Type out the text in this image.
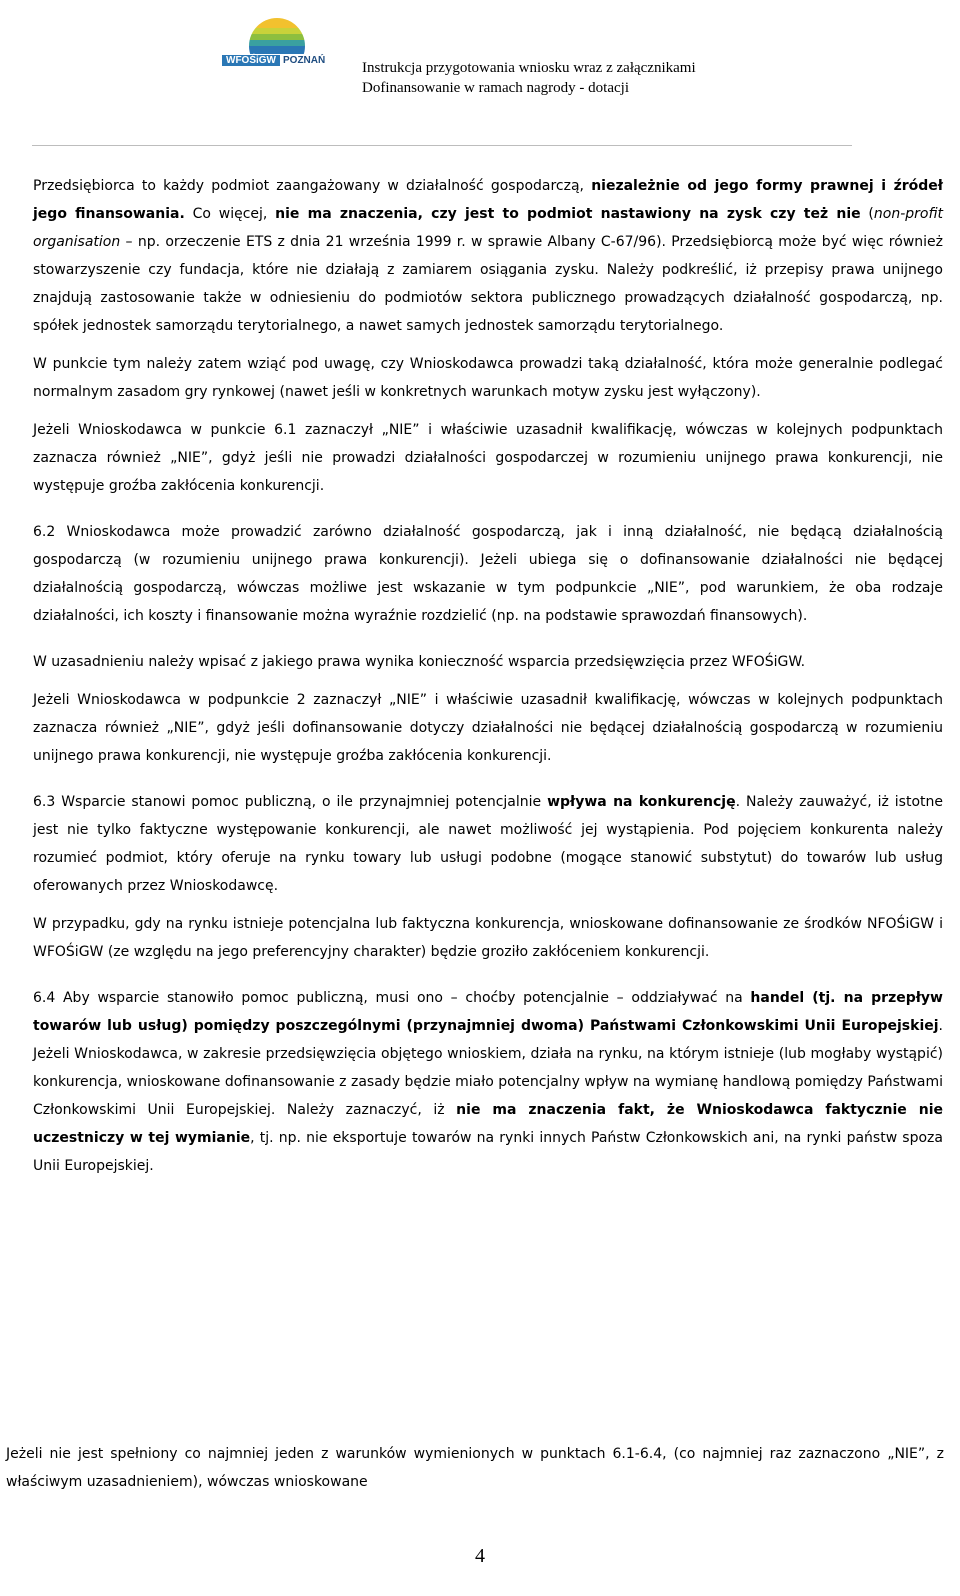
WFOŚiGW POZNAŃ	Instrukcja przygotowania wniosku wraz z załącznikami
Dofinansowanie w ramach nagrody - dotacji

Przedsiębiorca to każdy podmiot zaangażowany w działalność gospodarczą, niezależnie od jego formy prawnej i źródeł jego finansowania. Co więcej, nie ma znaczenia, czy jest to podmiot nastawiony na zysk czy też nie (non-profit organisation – np. orzeczenie ETS z dnia 21 września 1999 r. w sprawie Albany C-67/96). Przedsiębiorcą może być więc również stowarzyszenie czy fundacja, które nie działają z zamiarem osiągania zysku. Należy podkreślić, iż przepisy prawa unijnego znajdują zastosowanie także w odniesieniu do podmiotów sektora publicznego prowadzących działalność gospodarczą, np. spółek jednostek samorządu terytorialnego, a nawet samych jednostek samorządu terytorialnego.

W punkcie tym należy zatem wziąć pod uwagę, czy Wnioskodawca prowadzi taką działalność, która może generalnie podlegać normalnym zasadom gry rynkowej (nawet jeśli w konkretnych warunkach motyw zysku jest wyłączony).

Jeżeli Wnioskodawca w punkcie 6.1 zaznaczył „NIE” i właściwie uzasadnił kwalifikację, wówczas w kolejnych podpunktach zaznacza również „NIE”, gdyż jeśli nie prowadzi działalności gospodarczej w rozumieniu unijnego prawa konkurencji, nie występuje groźba zakłócenia konkurencji.

6.2 Wnioskodawca może prowadzić zarówno działalność gospodarczą, jak i inną działalność, nie będącą działalnością gospodarczą (w rozumieniu unijnego prawa konkurencji). Jeżeli ubiega się o dofinansowanie działalności nie będącej działalnością gospodarczą, wówczas możliwe jest wskazanie w tym podpunkcie „NIE”, pod warunkiem, że oba rodzaje działalności, ich koszty i finansowanie można wyraźnie rozdzielić (np. na podstawie sprawozdań finansowych).

W uzasadnieniu należy wpisać z jakiego prawa wynika konieczność wsparcia przedsięwzięcia przez WFOŚiGW.

Jeżeli Wnioskodawca w podpunkcie 2 zaznaczył „NIE” i właściwie uzasadnił kwalifikację, wówczas w kolejnych podpunktach zaznacza również „NIE”, gdyż jeśli dofinansowanie dotyczy działalności nie będącej działalnością gospodarczą w rozumieniu unijnego prawa konkurencji, nie występuje groźba zakłócenia konkurencji.

6.3 Wsparcie stanowi pomoc publiczną, o ile przynajmniej potencjalnie wpływa na konkurencję. Należy zauważyć, iż istotne jest nie tylko faktyczne występowanie konkurencji, ale nawet możliwość jej wystąpienia. Pod pojęciem konkurenta należy rozumieć podmiot, który oferuje na rynku towary lub usługi podobne (mogące stanowić substytut) do towarów lub usług oferowanych przez Wnioskodawcę.

W przypadku, gdy na rynku istnieje potencjalna lub faktyczna konkurencja, wnioskowane dofinansowanie ze środków NFOŚiGW i WFOŚiGW (ze względu na jego preferencyjny charakter) będzie groziło zakłóceniem konkurencji.

6.4 Aby wsparcie stanowiło pomoc publiczną, musi ono – choćby potencjalnie – oddziaływać na handel (tj. na przepływ towarów lub usług) pomiędzy poszczególnymi (przynajmniej dwoma) Państwami Członkowskimi Unii Europejskiej. Jeżeli Wnioskodawca, w zakresie przedsięwzięcia objętego wnioskiem, działa na rynku, na którym istnieje (lub mogłaby wystąpić) konkurencja, wnioskowane dofinansowanie z zasady będzie miało potencjalny wpływ na wymianę handlową pomiędzy Państwami Członkowskimi Unii Europejskiej. Należy zaznaczyć, iż nie ma znaczenia fakt, że Wnioskodawca faktycznie nie uczestniczy w tej wymianie, tj. np. nie eksportuje towarów na rynki innych Państw Członkowskich ani, na rynki państw spoza Unii Europejskiej.

Jeżeli nie jest spełniony co najmniej jeden z warunków wymienionych w punktach 6.1-6.4, (co najmniej raz zaznaczono „NIE”, z właściwym uzasadnieniem), wówczas wnioskowane

4
